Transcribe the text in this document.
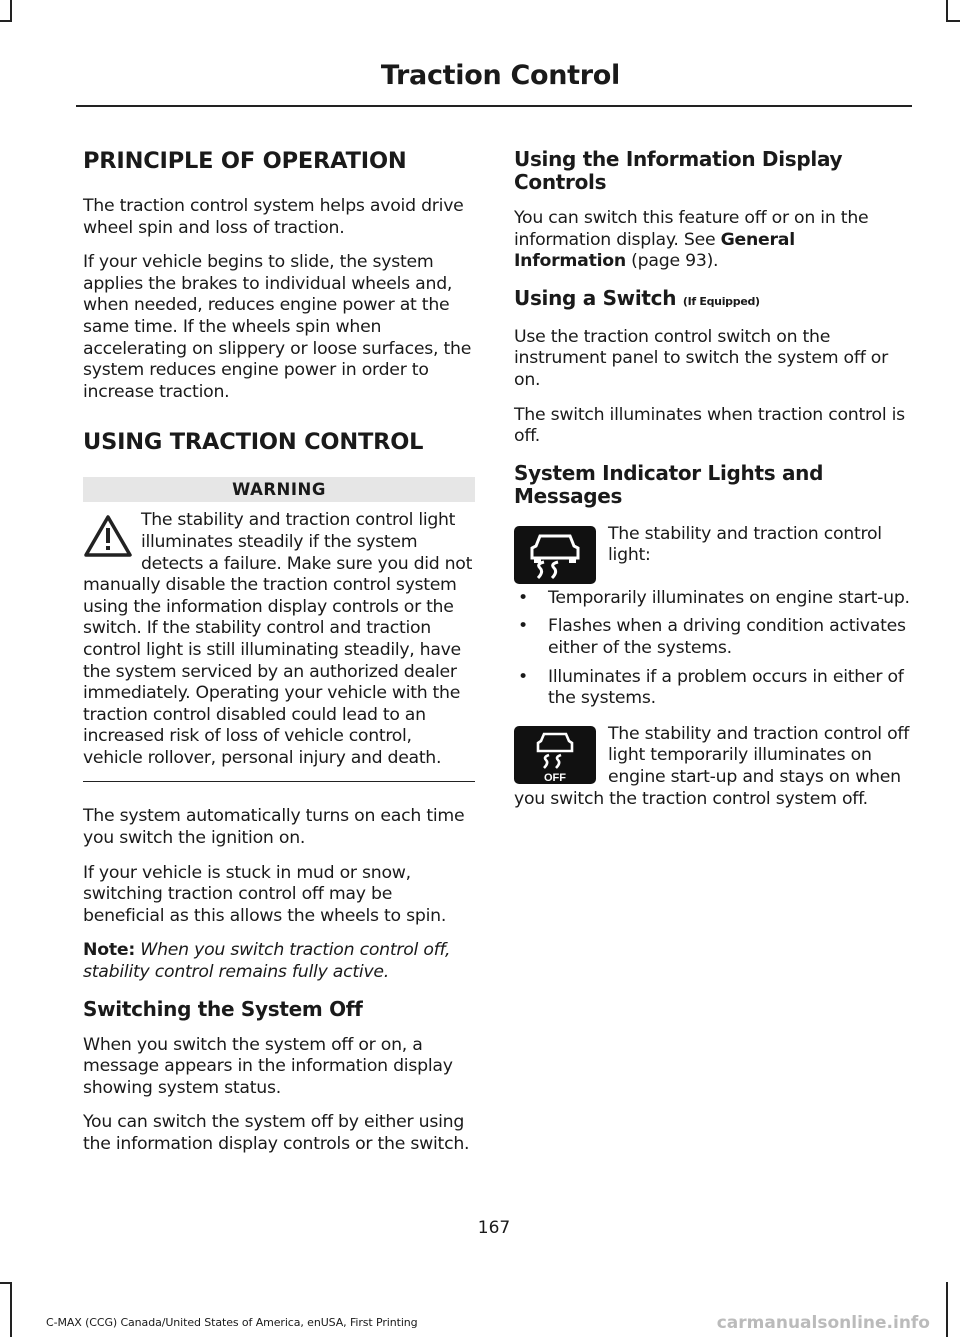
Traction Control
PRINCIPLE OF OPERATION

The traction control system helps avoid drive wheel spin and loss of traction.

If your vehicle begins to slide, the system applies the brakes to individual wheels and, when needed, reduces engine power at the same time. If the wheels spin when accelerating on slippery or loose surfaces, the system reduces engine power in order to increase traction.

USING TRACTION CONTROL
WARNING
The stability and traction control light illuminates steadily if the system detects a failure. Make sure you did not manually disable the traction control system using the information display controls or the switch. If the stability control and traction control light is still illuminating steadily, have the system serviced by an authorized dealer immediately. Operating your vehicle with the traction control disabled could lead to an increased risk of loss of vehicle control, vehicle rollover, personal injury and death.

The system automatically turns on each time you switch the ignition on.

If your vehicle is stuck in mud or snow, switching traction control off may be beneficial as this allows the wheels to spin.

Note: When you switch traction control off, stability control remains fully active.

Switching the System Off

When you switch the system off or on, a message appears in the information display showing system status.

You can switch the system off by either using the information display controls or the switch.

Using the Information Display Controls

You can switch this feature off or on in the information display. See General Information (page 93).

Using a Switch (If Equipped)

Use the traction control switch on the instrument panel to switch the system off or on.

The switch illuminates when traction control is off.

System Indicator Lights and Messages

The stability and traction control light:

• Temporarily illuminates on engine start-up.
• Flashes when a driving condition activates either of the systems.
• Illuminates if a problem occurs in either of the systems.
OFF

The stability and traction control off light temporarily illuminates on engine start-up and stays on when you switch the traction control system off.

167
C-MAX (CCG) Canada/United States of America, enUSA, First Printing	carmanualsonline.info
